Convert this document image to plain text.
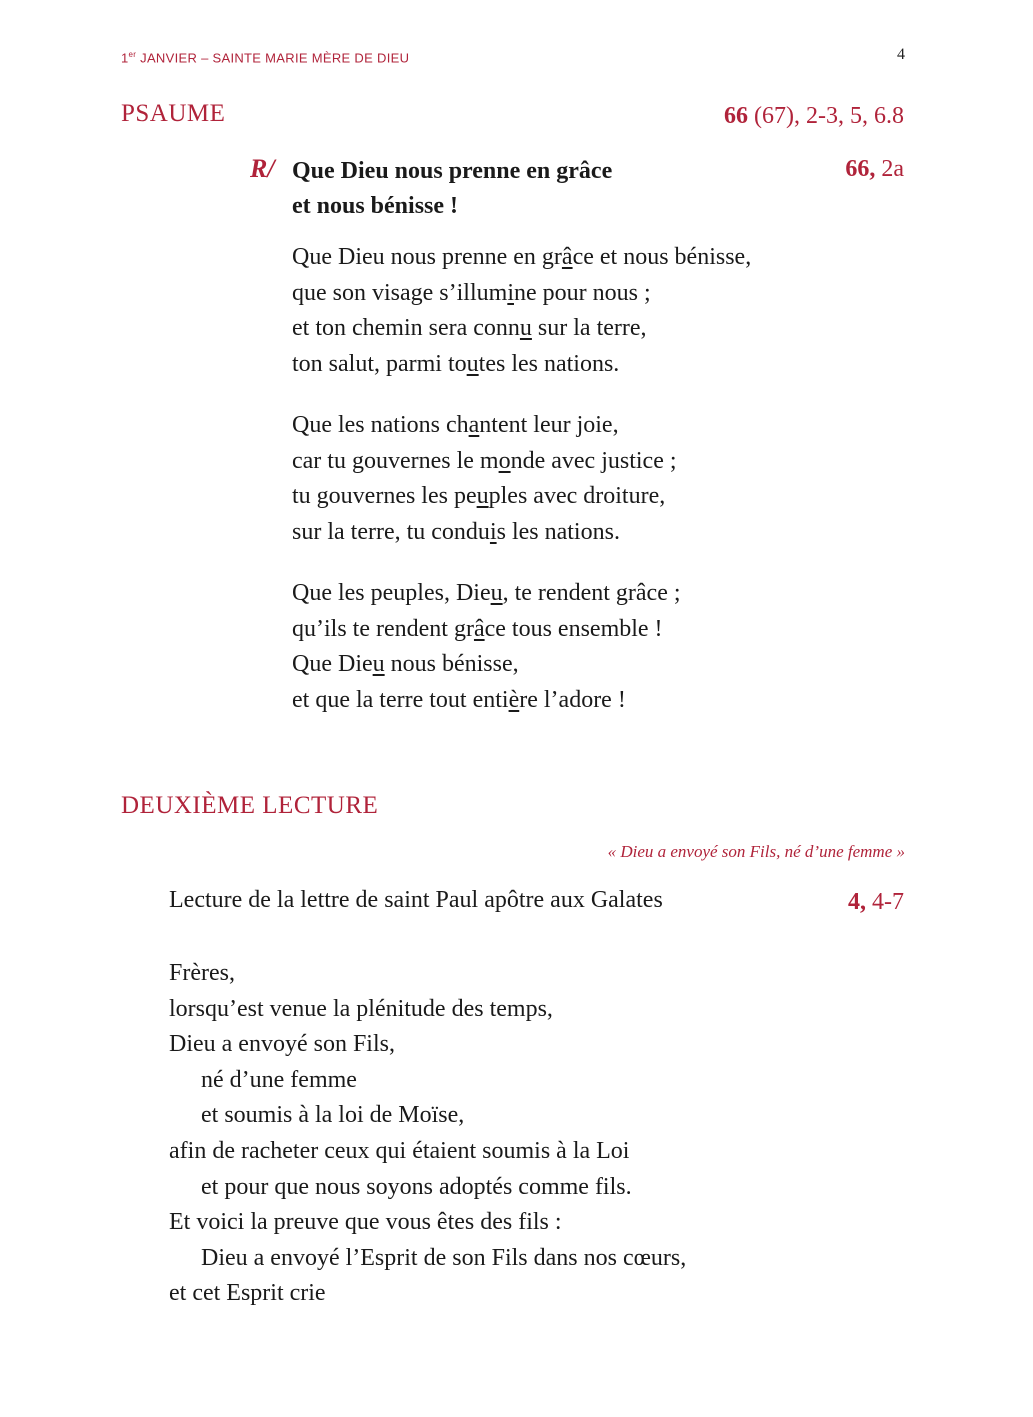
1er JANVIER – SAINTE MARIE MÈRE DE DIEU	4
PSAUME	66 (67), 2-3, 5, 6.8
R/ Que Dieu nous prenne en grâce
et nous bénisse !
66, 2a
Que Dieu nous prenne en grâce et nous bénisse,
que son visage s’illumine pour nous ;
et ton chemin sera connu sur la terre,
ton salut, parmi toutes les nations.
Que les nations chantent leur joie,
car tu gouvernes le monde avec justice ;
tu gouvernes les peuples avec droiture,
sur la terre, tu conduis les nations.
Que les peuples, Dieu, te rendent grâce ;
qu’ils te rendent grâce tous ensemble !
Que Dieu nous bénisse,
et que la terre tout entière l’adore !
DEUXIÈME LECTURE
« Dieu a envoyé son Fils, né d’une femme »
Lecture de la lettre de saint Paul apôtre aux Galates	4, 4-7
Frères,
lorsqu’est venue la plénitude des temps,
Dieu a envoyé son Fils,
né d’une femme
et soumis à la loi de Moïse,
afin de racheter ceux qui étaient soumis à la Loi
et pour que nous soyons adoptés comme fils.
Et voici la preuve que vous êtes des fils :
Dieu a envoyé l’Esprit de son Fils dans nos cœurs,
et cet Esprit crie
